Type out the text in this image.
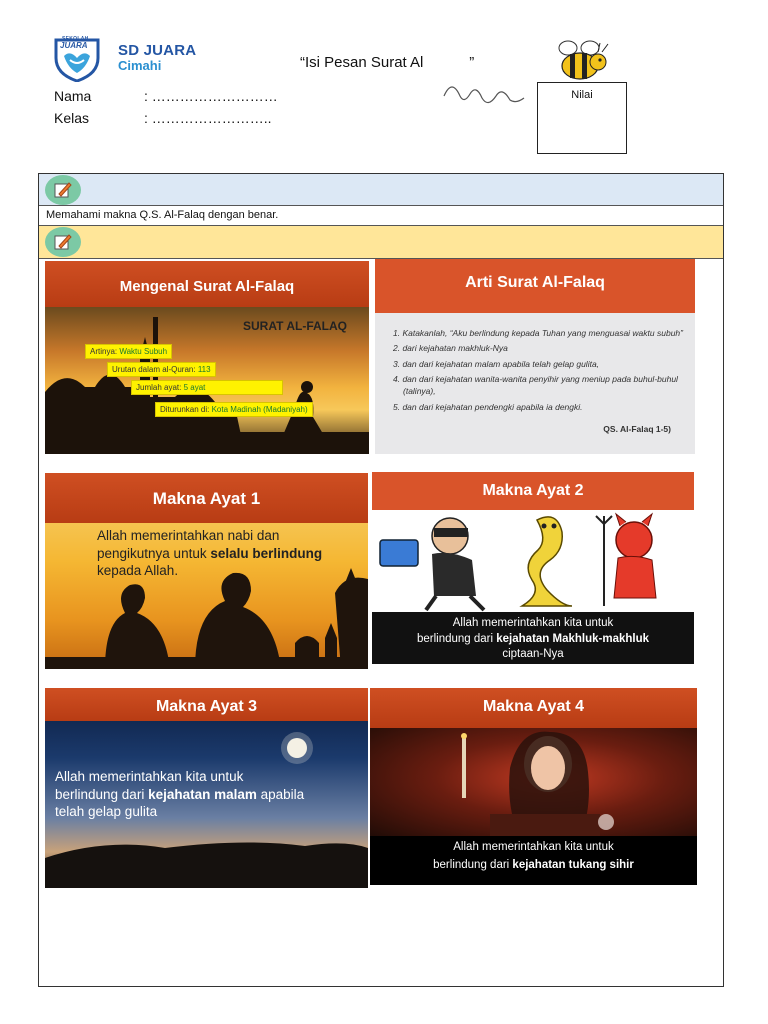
SEKOLAH
JUARA SD JUARA
Cimahi	“Isi Pesan Surat Al           ”
Nama	: ………………………
Kelas	: ……………………..
Nilai
Memahami makna Q.S. Al-Falaq dengan benar.
Mengenal Surat Al-Falaq
SURAT AL-FALAQ
Artinya: Waktu Subuh
Urutan dalam al-Quran: 113
Jumlah ayat: 5 ayat
Diturunkan di: Kota Madinah (Madaniyah)
Arti Surat Al-Falaq
1. Katakanlah, “Aku berlindung kepada Tuhan yang menguasai waktu subuh”
2. dari kejahatan makhluk-Nya
3. dan dari kejahatan malam apabila telah gelap gulita,
4. dan dari kejahatan wanita-wanita penyihir yang meniup pada buhul-buhul (talinya),
5. dan dari kejahatan pendengki apabila ia dengki.
QS. Al-Falaq 1-5)
Makna Ayat 1
Allah memerintahkan nabi dan pengikutnya untuk selalu berlindung kepada Allah.
Makna Ayat 2
Allah memerintahkan kita untuk
berlindung dari kejahatan Makhluk-makhluk
ciptaan-Nya
Makna Ayat 3
Allah memerintahkan kita untuk
berlindung dari kejahatan malam apabila
telah gelap gulita
Makna Ayat 4
Allah memerintahkan kita untuk
berlindung dari kejahatan tukang sihir
